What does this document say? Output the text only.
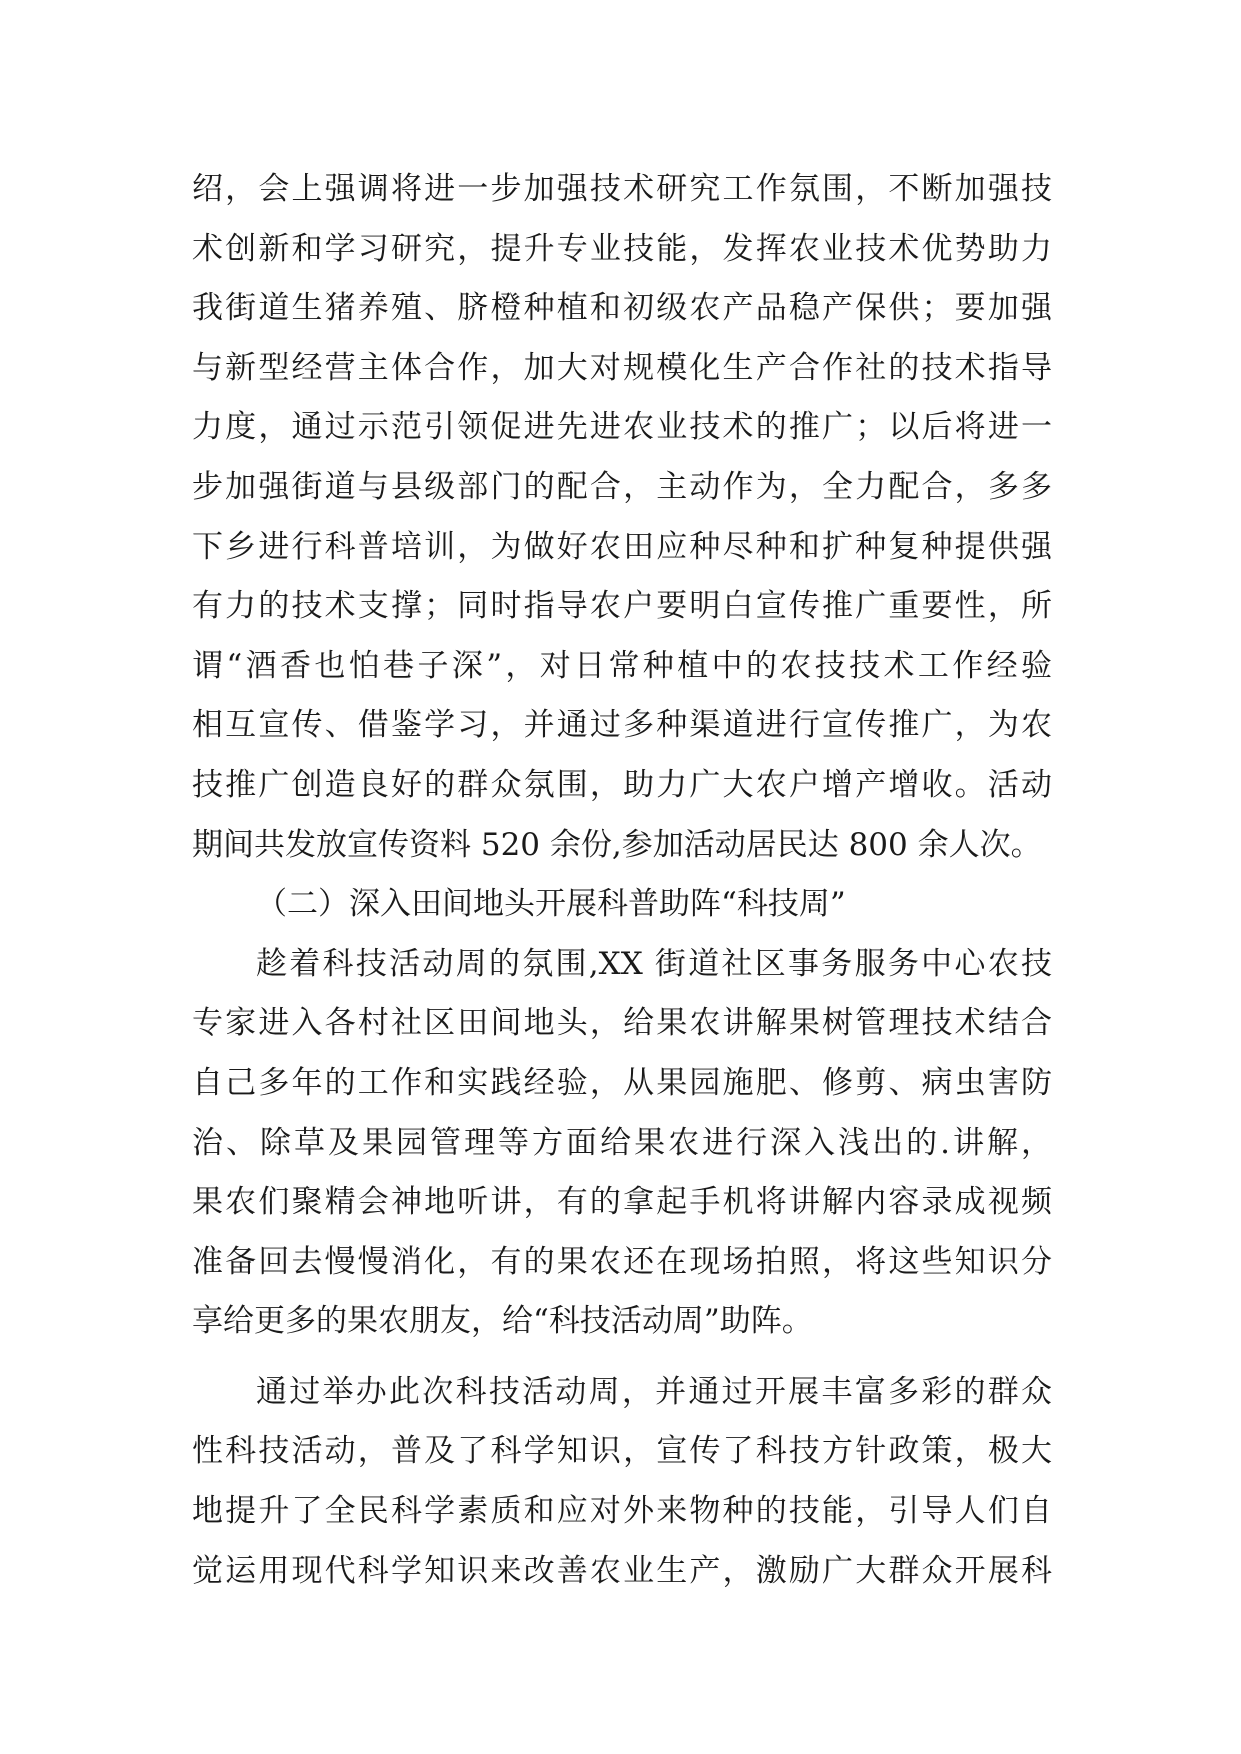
绍，会上强调将进一步加强技术研究工作氛围，不断加强技
术创新和学习研究，提升专业技能，发挥农业技术优势助力
我街道生猪养殖、脐橙种植和初级农产品稳产保供；要加强
与新型经营主体合作，加大对规模化生产合作社的技术指导
力度，通过示范引领促进先进农业技术的推广；以后将进一
步加强街道与县级部门的配合，主动作为，全力配合，多多
下乡进行科普培训，为做好农田应种尽种和扩种复种提供强
有力的技术支撑；同时指导农户要明白宣传推广重要性，所
谓“酒香也怕巷子深”，对日常种植中的农技技术工作经验
相互宣传、借鉴学习，并通过多种渠道进行宣传推广，为农
技推广创造良好的群众氛围，助力广大农户增产增收。活动
期间共发放宣传资料 520 余份,参加活动居民达 800 余人次。
（二）深入田间地头开展科普助阵“科技周”
趁着科技活动周的氛围,XX 街道社区事务服务中心农技
专家进入各村社区田间地头，给果农讲解果树管理技术结合
自己多年的工作和实践经验，从果园施肥、修剪、病虫害防
治、除草及果园管理等方面给果农进行深入浅出的.讲解，
果农们聚精会神地听讲，有的拿起手机将讲解内容录成视频
准备回去慢慢消化，有的果农还在现场拍照，将这些知识分
享给更多的果农朋友，给“科技活动周”助阵。
通过举办此次科技活动周，并通过开展丰富多彩的群众
性科技活动，普及了科学知识，宣传了科技方针政策，极大
地提升了全民科学素质和应对外来物种的技能，引导人们自
觉运用现代科学知识来改善农业生产，激励广大群众开展科
